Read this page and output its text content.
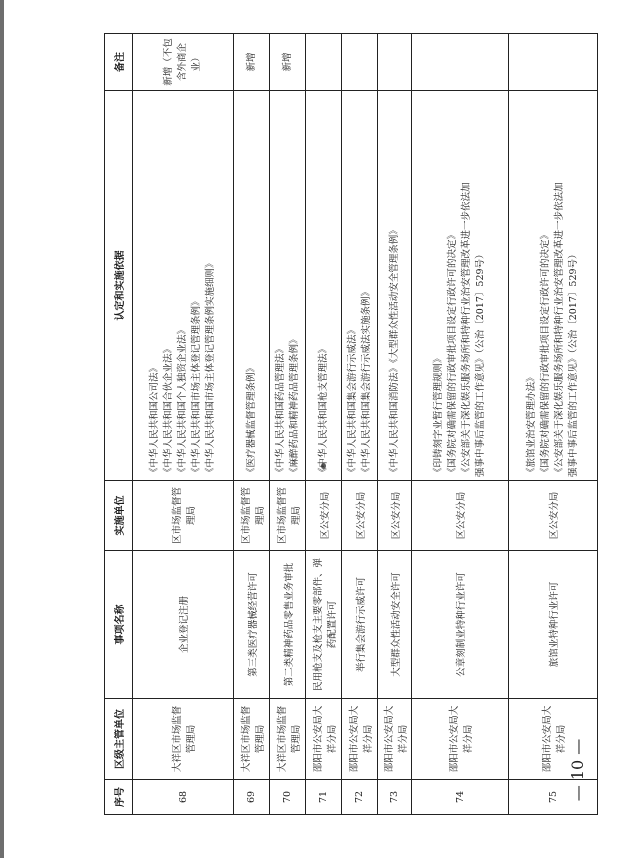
序号	区级主管单位	事项名称	实施单位	认定和实施依据	备注
68	大祥区市场监督管理局	企业登记注册	区市场监督管理局	《中华人民共和国公司法》 《中华人民共和国合伙企业法》 《中华人民共和国个人独资企业法》 《中华人民共和国市场主体登记管理条例》 《中华人民共和国市场主体登记管理条例实施细则》	新增（不包含外商企业）
69	大祥区市场监督管理局	第三类医疗器械经营许可	区市场监督管理局	《医疗器械监督管理条例》	新增
70	大祥区市场监督管理局	第二类精神药品零售业务审批	区市场监督管理局	《中华人民共和国药品管理法》 《麻醉药品和精神药品管理条例》	新增
71	邵阳市公安局大祥分局	民用枪支及枪支主要零部件、弹药配置许可	区公安分局	《中华人民共和国枪支管理法》	

72	邵阳市公安局大祥分局	举行集会游行示威许可	区公安分局	《中华人民共和国集会游行示威法》 《中华人民共和国集会游行示威法实施条例》	

73	邵阳市公安局大祥分局	大型群众性活动安全许可	区公安分局	《中华人民共和国消防法》《大型群众性活动安全管理条例》	

74	邵阳市公安局大祥分局	公章刻制业特种行业许可	区公安分局	《印铸刻字业暂行管理规则》 《国务院对确需保留的行政审批项目设定行政许可的决定》 《公安部关于深化娱乐服务场所和特种行业治安管理改革进一步依法加 强事中事后监管的工作意见》（公治〔2017〕529号）	

75	邵阳市公安局大祥分局	旅馆业特种行业许可	区公安分局	《旅馆业治安管理办法》 《国务院对确需保留的行政审批项目设定行政许可的决定》 《公安部关于深化娱乐服务场所和特种行业治安管理改革进一步依法加 强事中事后监管的工作意见》（公治〔2017〕529号）	

— 10 —
